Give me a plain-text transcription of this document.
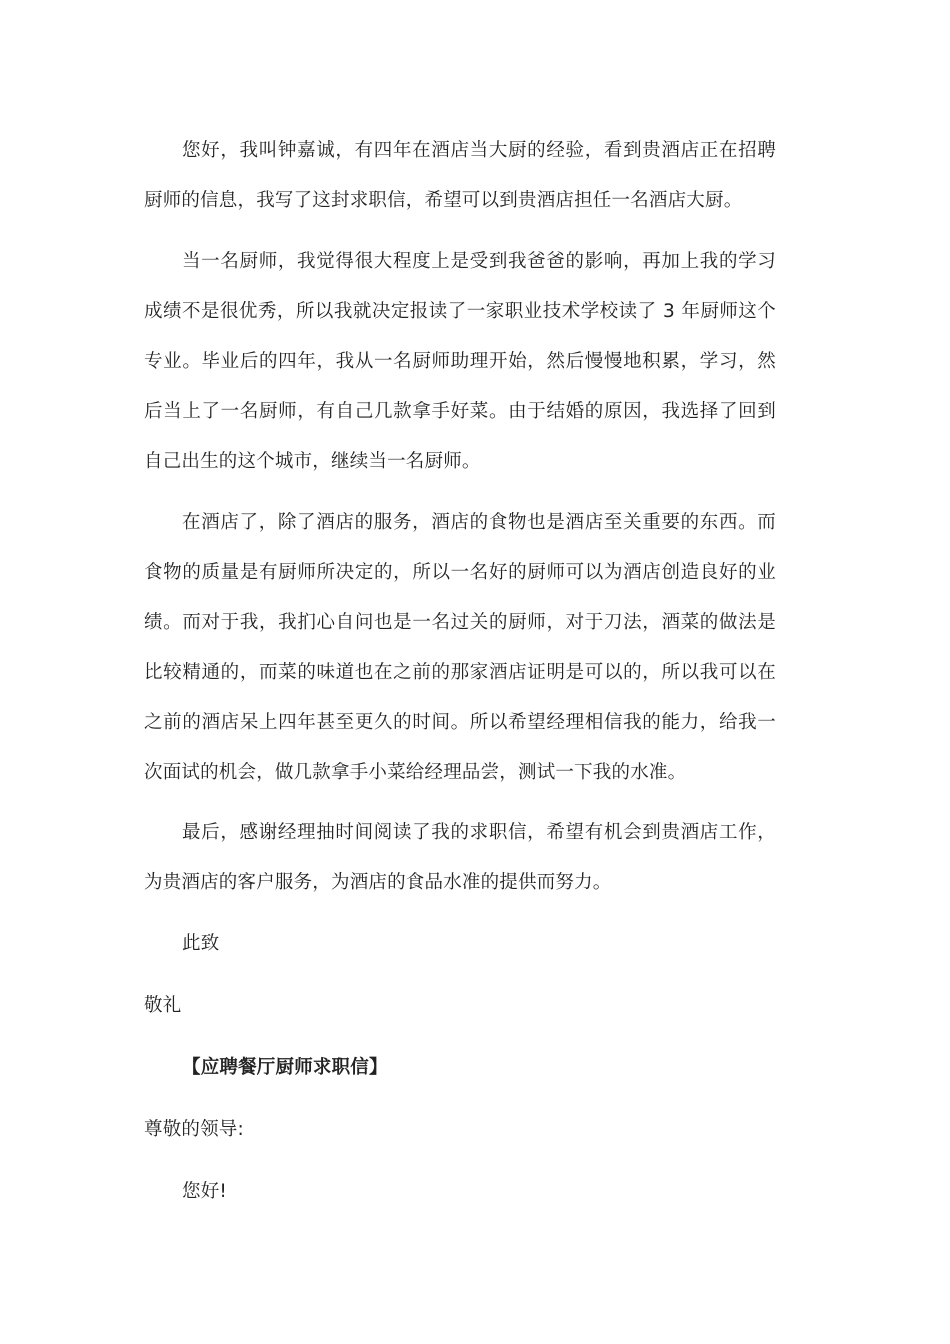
您好，我叫钟嘉诚，有四年在酒店当大厨的经验，看到贵酒店正在招聘厨师的信息，我写了这封求职信，希望可以到贵酒店担任一名酒店大厨。

当一名厨师，我觉得很大程度上是受到我爸爸的影响，再加上我的学习成绩不是很优秀，所以我就决定报读了一家职业技术学校读了 3 年厨师这个专业。毕业后的四年，我从一名厨师助理开始，然后慢慢地积累，学习，然后当上了一名厨师，有自己几款拿手好菜。由于结婚的原因，我选择了回到自己出生的这个城市，继续当一名厨师。

在酒店了，除了酒店的服务，酒店的食物也是酒店至关重要的东西。而食物的质量是有厨师所决定的，所以一名好的厨师可以为酒店创造良好的业绩。而对于我，我扪心自问也是一名过关的厨师，对于刀法，酒菜的做法是比较精通的，而菜的味道也在之前的那家酒店证明是可以的，所以我可以在之前的酒店呆上四年甚至更久的时间。所以希望经理相信我的能力，给我一次面试的机会，做几款拿手小菜给经理品尝，测试一下我的水准。

最后，感谢经理抽时间阅读了我的求职信，希望有机会到贵酒店工作，为贵酒店的客户服务，为酒店的食品水准的提供而努力。

此致

敬礼

【应聘餐厅厨师求职信】

尊敬的领导:

您好!
